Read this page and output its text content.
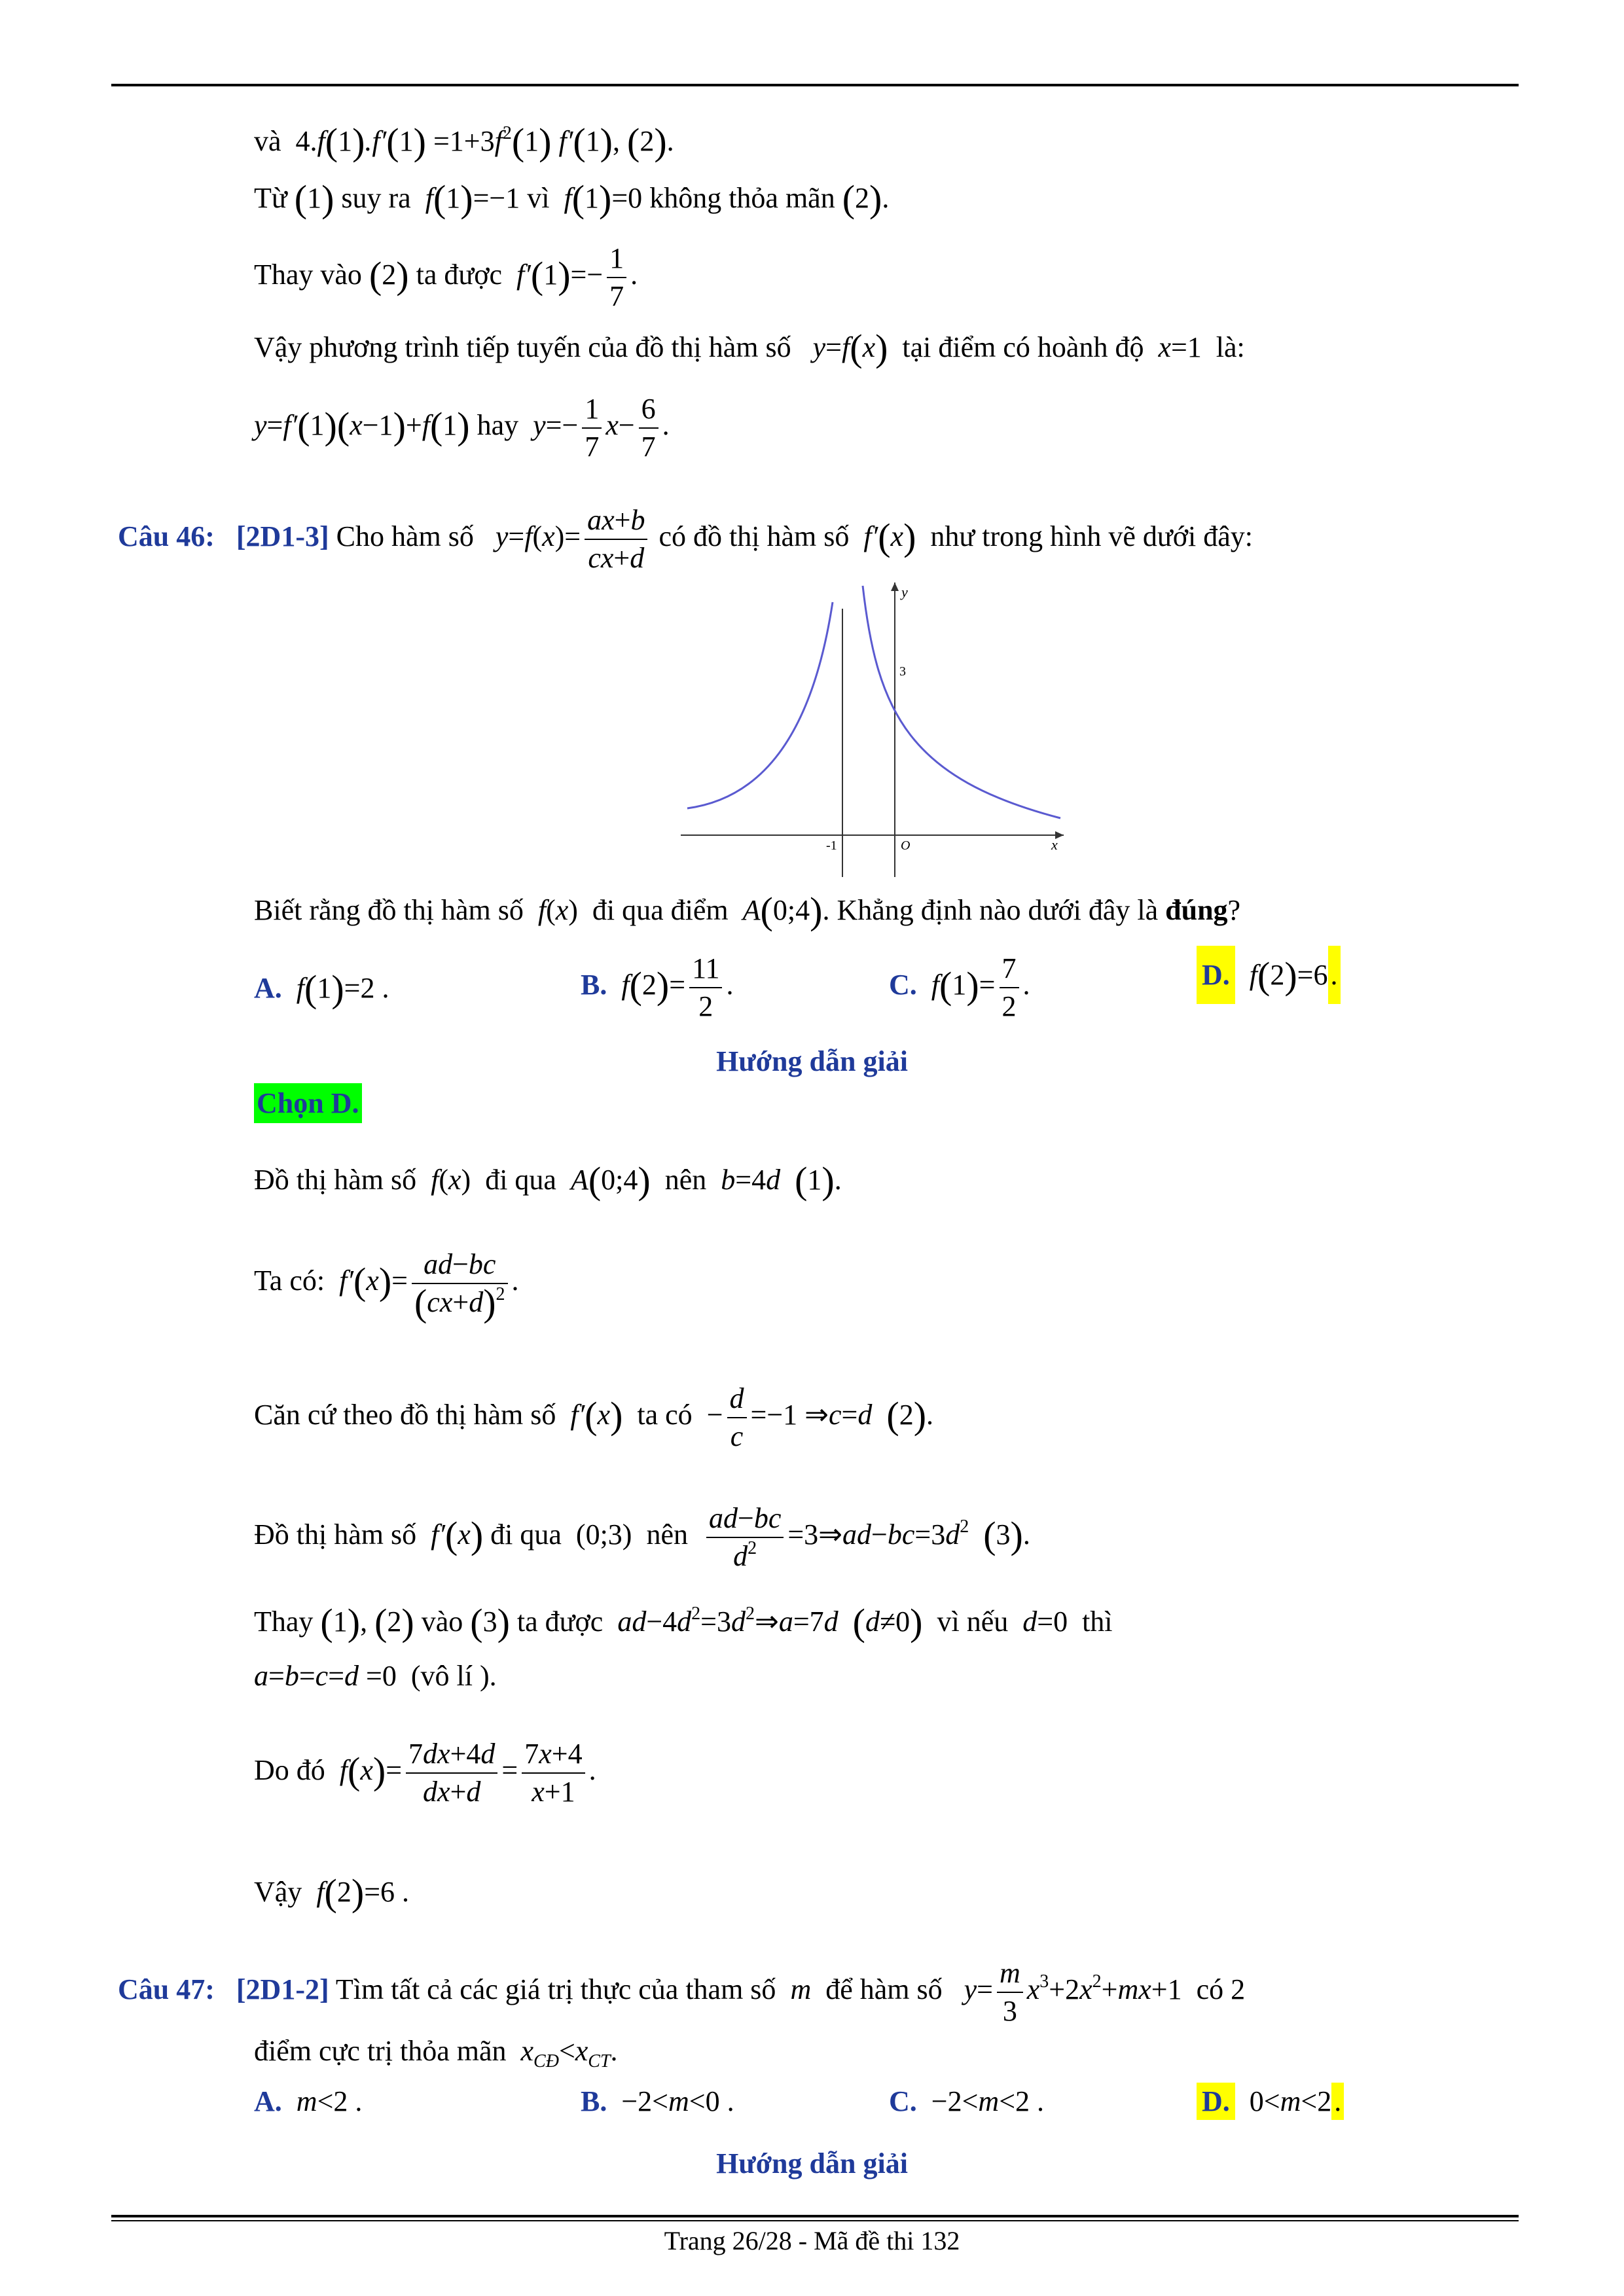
và $4.f(1).f'(1) =1+3f^2(1)$ f′(1), (2).
Từ (1) suy ra  f(1)=−1 vì  f(1)=0 không thỏa mãn (2).
Thay vào (2) ta được  $f'(1)=- \frac{1}{7}$ .
Vậy phương trình tiếp tuyến của đồ thị hàm số   y=f(x) tại điểm có hoành độ  x=1 là:
y=f′(1)(x−1)+f(1) hay  $y=- \frac{1}{7} x- \frac{6}{7}$ .
Câu 46: [2D1-3] Cho hàm số   $y=f(x)= \frac{ax+b}{cx+d}$ có đồ thị hàm số  f′(x) như trong hình vẽ dưới đây:
y
3
-1	O	x
Biết rằng đồ thị hàm số  f(x) đi qua điểm  A(0;4). Khẳng định nào dưới đây là đúng?
A.  f(1)=2 .	B.  $f(2)= \frac{11}{2}$ .	C.  $f(1)= \frac{7}{2}$ .	D.  f(2)=6.
Hướng dẫn giải
Chọn D.
Đồ thị hàm số  f(x) đi qua  A(0;4) nên  b=4d  (1).
Ta có:  $f'(x)= \frac{ad-bc}{(cx+d)^2}$ .
Căn cứ theo đồ thị hàm số  f′(x) ta có − $\frac{d}{c} =-1$ ⇒c=d  (2).
Đồ thị hàm số  f′(x) đi qua  (0;3)  nên $\frac{ad-bc}{d^2}$ $=3\Rightarrow ad-bc=3d^2$ (3).
Thay (1), (2) vào (3) ta được  $ad-4d^2=3d^2\Rightarrow a=7d$  (d≠0) vì nếu  d=0 thì
a=b=c=d =0 (vô lí ).
Do đó  $f(x)= \frac{7dx+4d}{dx+d} = \frac{7x+4}{x+1}$ .
Vậy  f(2)=6 .
Câu 47: [2D1-2] Tìm tất cả các giá trị thực của tham số  m  để hàm số   $y= \frac{m}{3} x^3+2x^2+mx+1$ có 2
điểm cực trị thỏa mãn  $x_{CĐ}<x_{CT}$.
A.  m<2 .	B. −2<m<0 .	C. −2<m<2 .	D. 0<m<2.
Hướng dẫn giải
Trang 26/28 - Mã đề thi 132
